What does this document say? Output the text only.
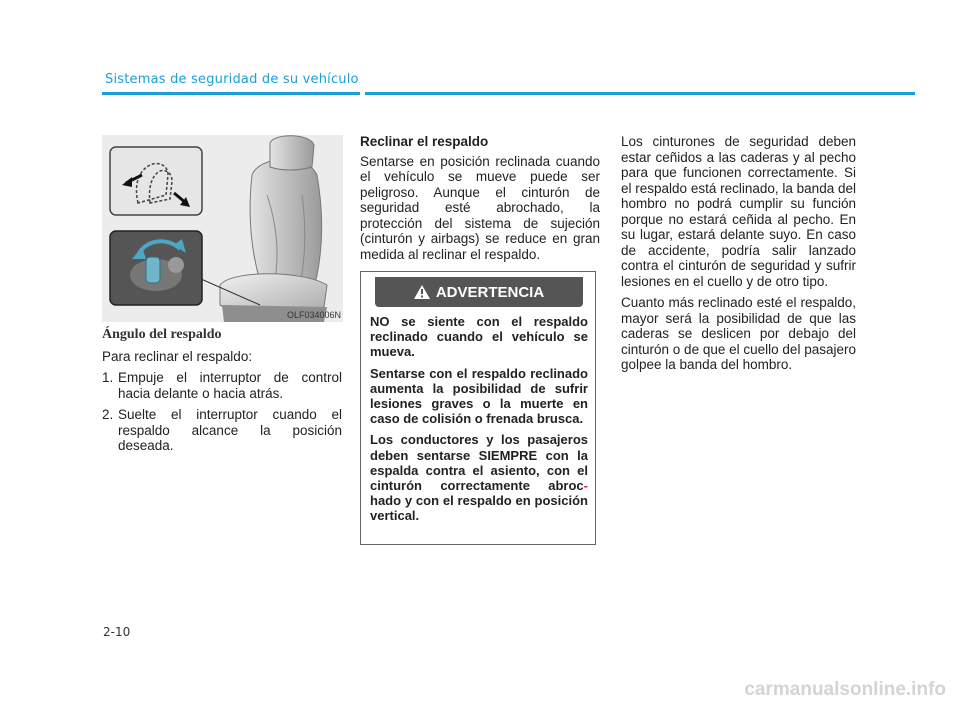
Sistemas de seguridad de su vehículo
OLF034006N
Ángulo del respaldo

Para reclinar el respaldo:

1. Empuje el interruptor de control hacia delante o hacia atrás.
2. Suelte el interruptor cuando el respaldo alcance la posición deseada.
Reclinar el respaldo

Sentarse en posición reclinada cuando el vehículo se mueve puede ser peligroso. Aunque el cinturón de seguridad esté abrochado, la protección del sistema de sujeción (cinturón y airbags) se reduce en gran medida al reclinar el respaldo.

ADVERTENCIA

NO se siente con el respaldo reclinado cuando el vehículo se mueva.

Sentarse con el respaldo reclinado aumenta la posibilidad de sufrir lesiones graves o la muerte en caso de colisión o frenada brusca.

Los conductores y los pasajeros deben sentarse SIEMPRE con la espalda contra el asiento, con el cinturón correctamente abroc-hado y con el respaldo en posición vertical.

Los cinturones de seguridad deben estar ceñidos a las caderas y al pecho para que funcionen correctamente. Si el respaldo está reclinado, la banda del hombro no podrá cumplir su función porque no estará ceñida al pecho. En su lugar, estará delante suyo. En caso de accidente, podría salir lanzado contra el cinturón de seguridad y sufrir lesiones en el cuello y de otro tipo.

Cuanto más reclinado esté el respaldo, mayor será la posibilidad de que las caderas se deslicen por debajo del cinturón o de que el cuello del pasajero golpee la banda del hombro.

2-10
carmanualsonline.info
